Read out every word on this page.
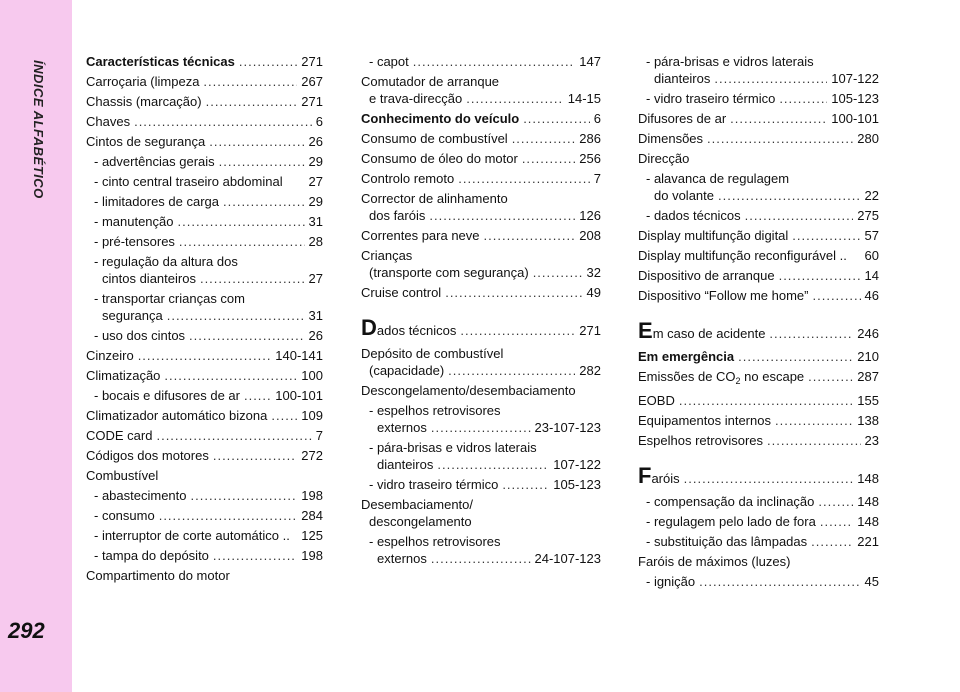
ÍNDICE ALFABÉTICO
292
Características técnicas .....	271
Carroçaria (limpeza .....	267
Chassis (marcação) .....	271
Chaves .....	6
Cintos de segurança .....	26
- advertências gerais .....	29
- cinto central traseiro abdominal 27
- limitadores de carga .....	29
- manutenção .....	31
- pré-tensores .....	28
- regulação da altura dos
cintos dianteiros .....	27
- transportar crianças com
segurança .....	31
- uso dos cintos .....	26
Cinzeiro .....	140-141
Climatização .....	100
- bocais e difusores de ar .....	100-101
Climatizador automático bizona .....	109
CODE card .....	7
Códigos dos motores .....	272
Combustível
- abastecimento .....	198
- consumo .....	284
- interruptor de corte automático .. 125
- tampa do depósito .....	198
Compartimento do motor
- capot .....	147
Comutador de arranque
e trava-direcção .....	14-15
Conhecimento do veículo .....	6
Consumo de combustível .....	286
Consumo de óleo do motor .....	256
Controlo remoto .....	7
Corrector de alinhamento
dos faróis .....	126
Correntes para neve .....	208
Crianças
(transporte com segurança) .....	32
Cruise control .....	49
Dados técnicos .....	271
Depósito de combustível
(capacidade) .....	282
Descongelamento/desembaciamento
- espelhos retrovisores
externos .....	23-107-123
- pára-brisas e vidros laterais
dianteiros .....	107-122
- vidro traseiro térmico .....	105-123
Desembaciamento/
descongelamento
- espelhos retrovisores
externos .....	24-107-123
- pára-brisas e vidros laterais
dianteiros .....	107-122
- vidro traseiro térmico .....	105-123
Difusores de ar .....	100-101
Dimensões .....	280
Direcção
- alavanca de regulagem
do volante .....	22
- dados técnicos .....	275
Display multifunção digital .....	57
Display multifunção reconfigurável .. 60
Dispositivo de arranque .....	14
Dispositivo “Follow me home” .....	46
Em caso de acidente .....	246
Em emergência .....	210
Emissões de $CO_2$ no escape .....	287
EOBD .....	155
Equipamentos internos .....	138
Espelhos retrovisores .....	23
Faróis .....	148
- compensação da inclinação .....	148
- regulagem pelo lado de fora .....	148
- substituição das lâmpadas .....	221
Faróis de máximos (luzes)
- ignição .....	45
